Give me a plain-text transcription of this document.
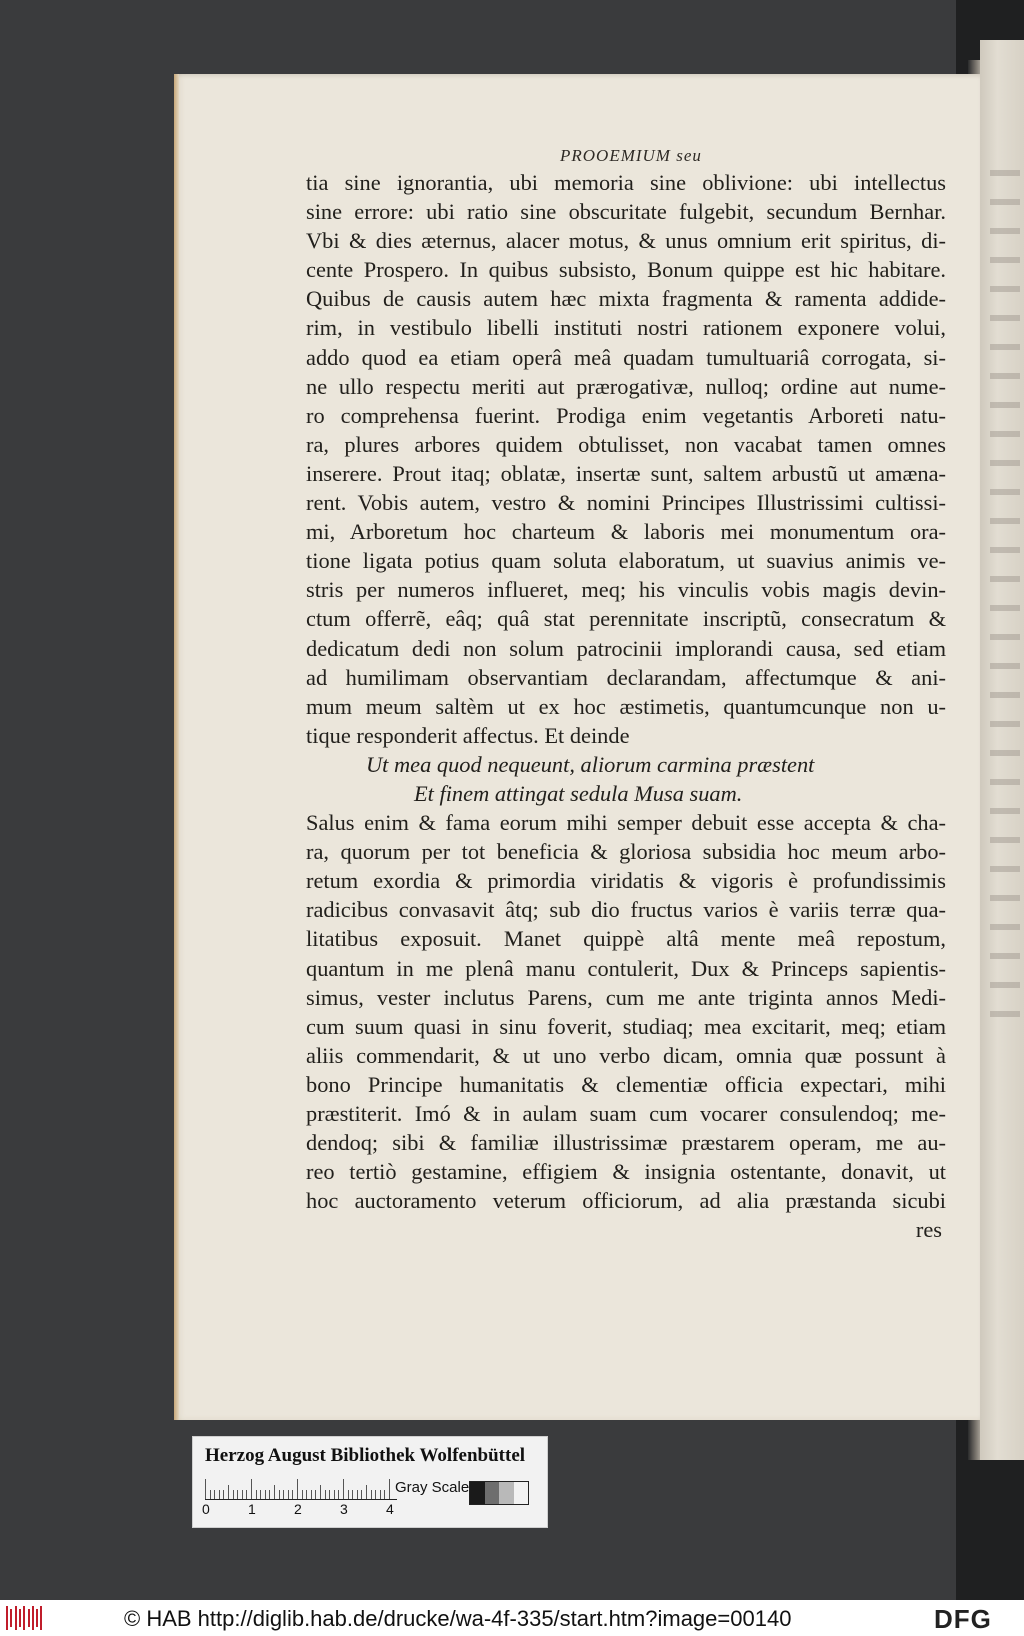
PROOEMIUM seu
tia sine ignorantia, ubi memoria sine oblivione: ubi intellectus
sine errore: ubi ratio sine obscuritate fulgebit, secundum Bernhar.
Vbi & dies æternus, alacer motus, & unus omnium erit spiritus, di-
cente Prospero. In quibus subsisto, Bonum quippe est hic habitare.
Quibus de causis autem hæc mixta fragmenta & ramenta addide-
rim, in vestibulo libelli instituti nostri rationem exponere volui,
addo quod ea etiam operâ meâ quadam tumultuariâ corrogata, si-
ne ullo respectu meriti aut prærogativæ, nulloq; ordine aut nume-
ro comprehensa fuerint. Prodiga enim vegetantis Arboreti natu-
ra, plures arbores quidem obtulisset, non vacabat tamen omnes
inserere. Prout itaq; oblatæ, insertæ sunt, saltem arbustũ ut amæna-
rent. Vobis autem, vestro & nomini Principes Illustrissimi cultissi-
mi, Arboretum hoc charteum & laboris mei monumentum ora-
tione ligata potius quam soluta elaboratum, ut suavius animis ve-
stris per numeros influeret, meq; his vinculis vobis magis devin-
ctum offerrẽ, eâq; quâ stat perennitate inscriptũ, consecratum &
dedicatum dedi non solum patrocinii implorandi causa, sed etiam
ad humilimam observantiam declarandam, affectumque & ani-
mum meum saltèm ut ex hoc æstimetis, quantumcunque non u-
tique responderit affectus. Et deinde
Ut mea quod nequeunt, aliorum carmina præstent
Et finem attingat sedula Musa suam.
Salus enim & fama eorum mihi semper debuit esse accepta & cha-
ra, quorum per tot beneficia & gloriosa subsidia hoc meum arbo-
retum exordia & primordia viridatis & vigoris è profundissimis
radicibus convasavit âtq; sub dio fructus varios è variis terræ qua-
litatibus exposuit. Manet quippè altâ mente meâ repostum,
quantum in me plenâ manu contulerit, Dux & Princeps sapientis-
simus, vester inclutus Parens, cum me ante triginta annos Medi-
cum suum quasi in sinu foverit, studiaq; mea excitarit, meq; etiam
aliis commendarit, & ut uno verbo dicam, omnia quæ possunt à
bono Principe humanitatis & clementiæ officia expectari, mihi
præstiterit. Imó & in aulam suam cum vocarer consulendoq; me-
dendoq; sibi & familiæ illustrissimæ præstarem operam, me au-
reo tertiò gestamine, effigiem & insignia ostentante, donavit, ut
hoc auctoramento veterum officiorum, ad alia præstanda sicubi
res
Herzog August Bibliothek Wolfenbüttel
0	1	2	3	4
Gray Scale
© HAB http://diglib.hab.de/drucke/wa-4f-335/start.htm?image=00140	DFG
